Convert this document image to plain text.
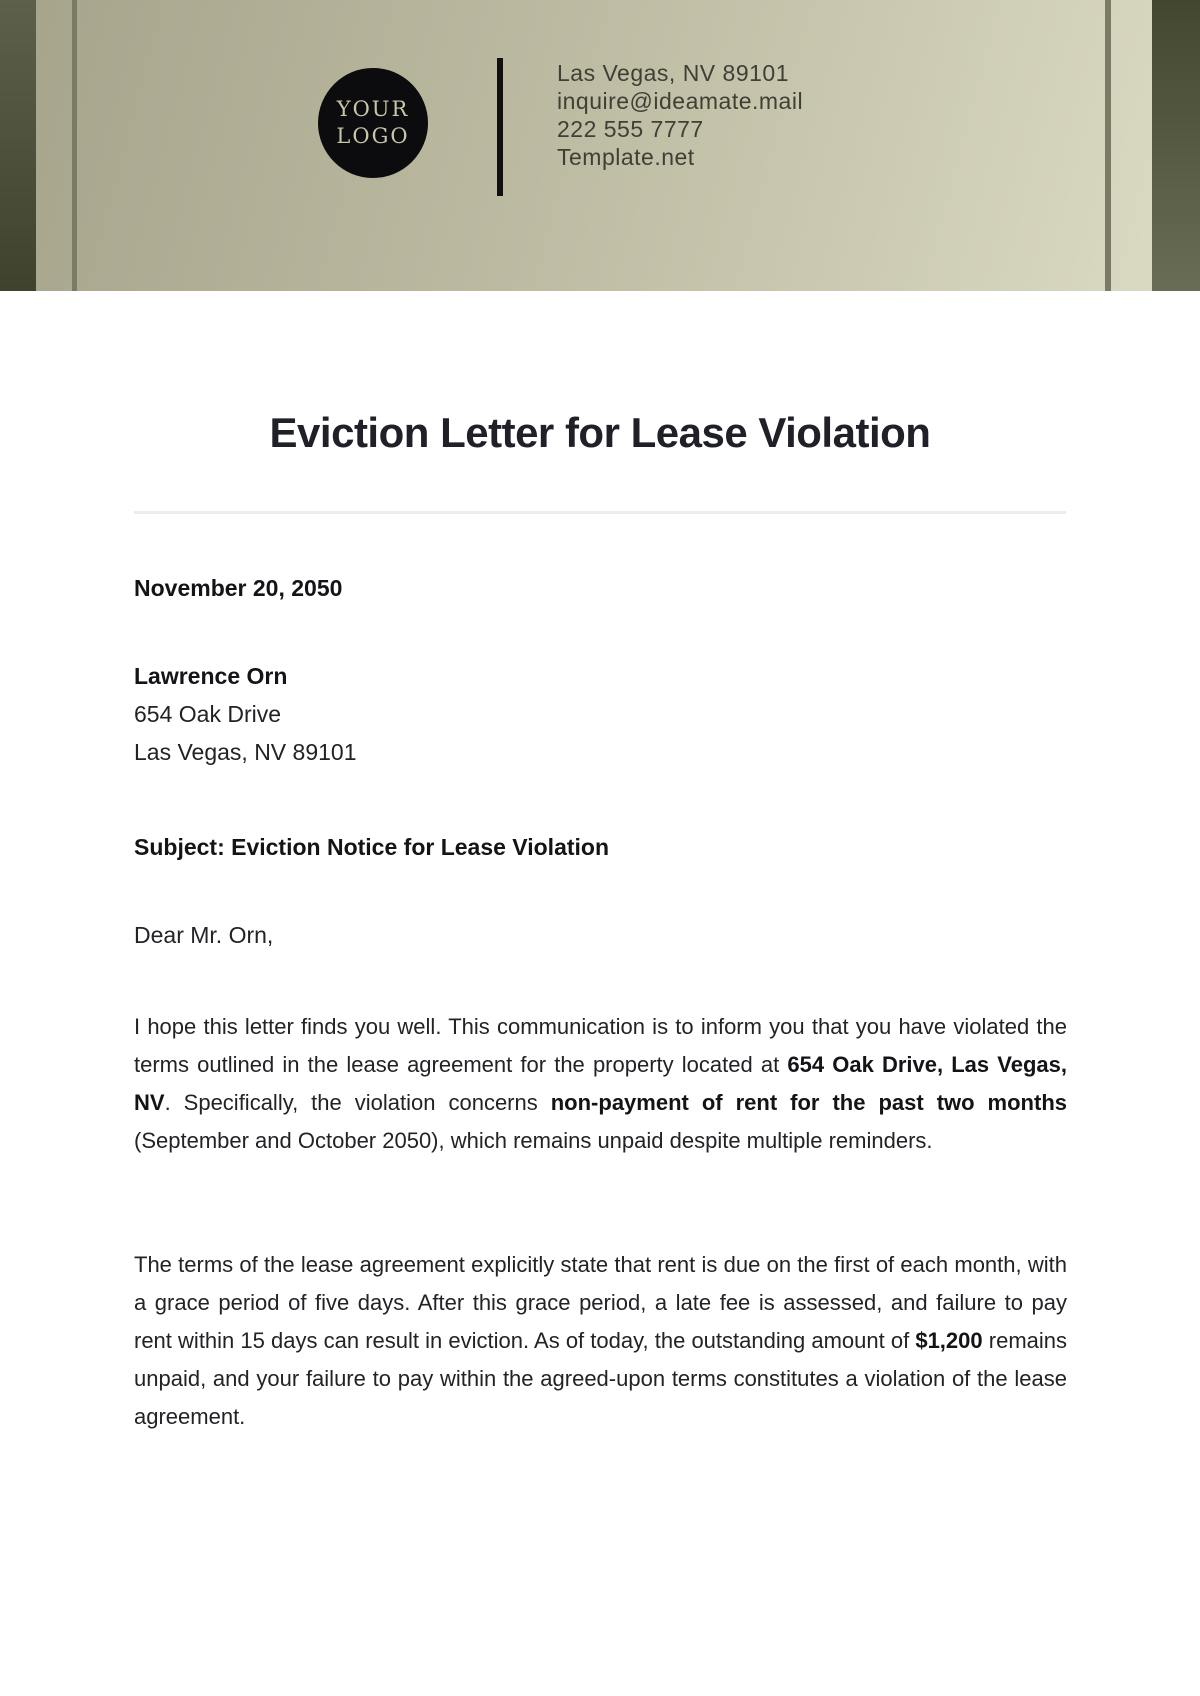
YOUR
LOGO
Las Vegas, NV 89101
inquire@ideamate.mail
222 555 7777
Template.net
Eviction Letter for Lease Violation
November 20, 2050
Lawrence Orn
654 Oak Drive
Las Vegas, NV 89101
Subject: Eviction Notice for Lease Violation
Dear Mr. Orn,

I hope this letter finds you well. This communication is to inform you that you have violated the terms outlined in the lease agreement for the property located at 654 Oak Drive, Las Vegas, NV. Specifically, the violation concerns non-payment of rent for the past two months (September and October 2050), which remains unpaid despite multiple reminders.

The terms of the lease agreement explicitly state that rent is due on the first of each month, with a grace period of five days. After this grace period, a late fee is assessed, and failure to pay rent within 15 days can result in eviction. As of today, the outstanding amount of $1,200 remains unpaid, and your failure to pay within the agreed-upon terms constitutes a violation of the lease agreement.
